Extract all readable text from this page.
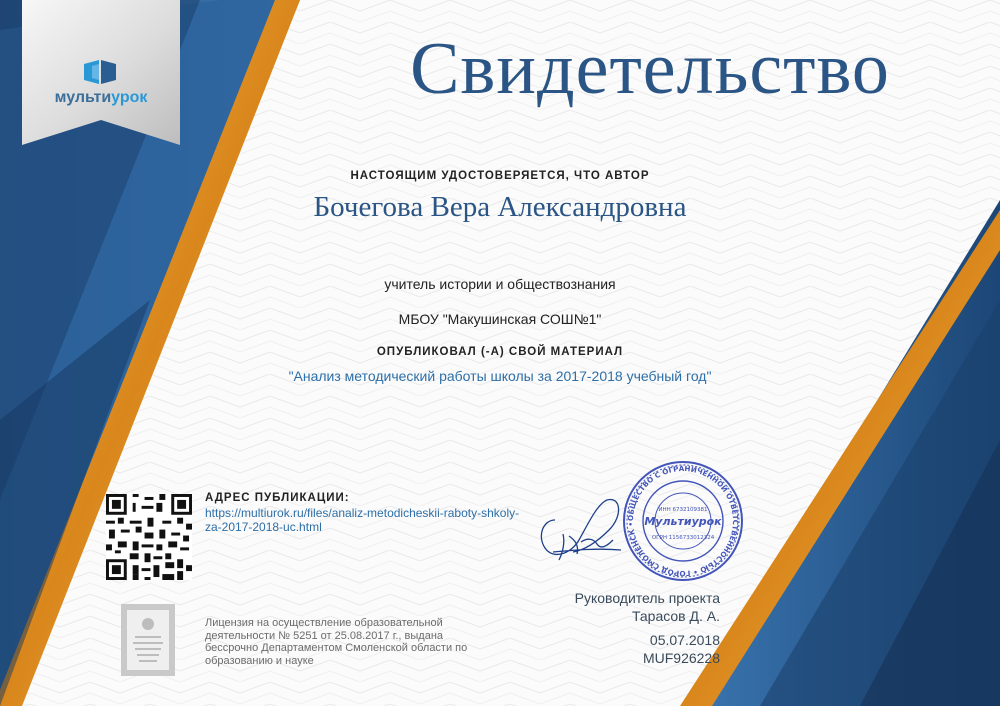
мультиурок	Свидетельство
НАСТОЯЩИМ УДОСТОВЕРЯЕТСЯ, ЧТО АВТОР
Бочегова Вера Александровна
учитель истории и обществознания
МБОУ "Макушинская СОШ№1"
ОПУБЛИКОВАЛ (-А) СВОЙ МАТЕРИАЛ
"Анализ методический работы школы за 2017-2018 учебный год"
АДРЕС ПУБЛИКАЦИИ:
https://multiurok.ru/files/analiz-metodicheskii-raboty-shkoly-za-2017-2018-uc.html
Лицензия на осуществление образовательной деятельности № 5251 от 25.08.2017 г., выдана бессрочно Департаментом Смоленской области по образованию и науке
ОБЩЕСТВО С ОГРАНИЧЕННОЙ ОТВЕТСТВЕННОСТЬЮ • ГОРОД СМОЛЕНСК •
ИНН 6732109381
Мультиурок
ОГРН 1156733012324
Руководитель проекта
Тарасов Д. А.
05.07.2018
MUF926228
